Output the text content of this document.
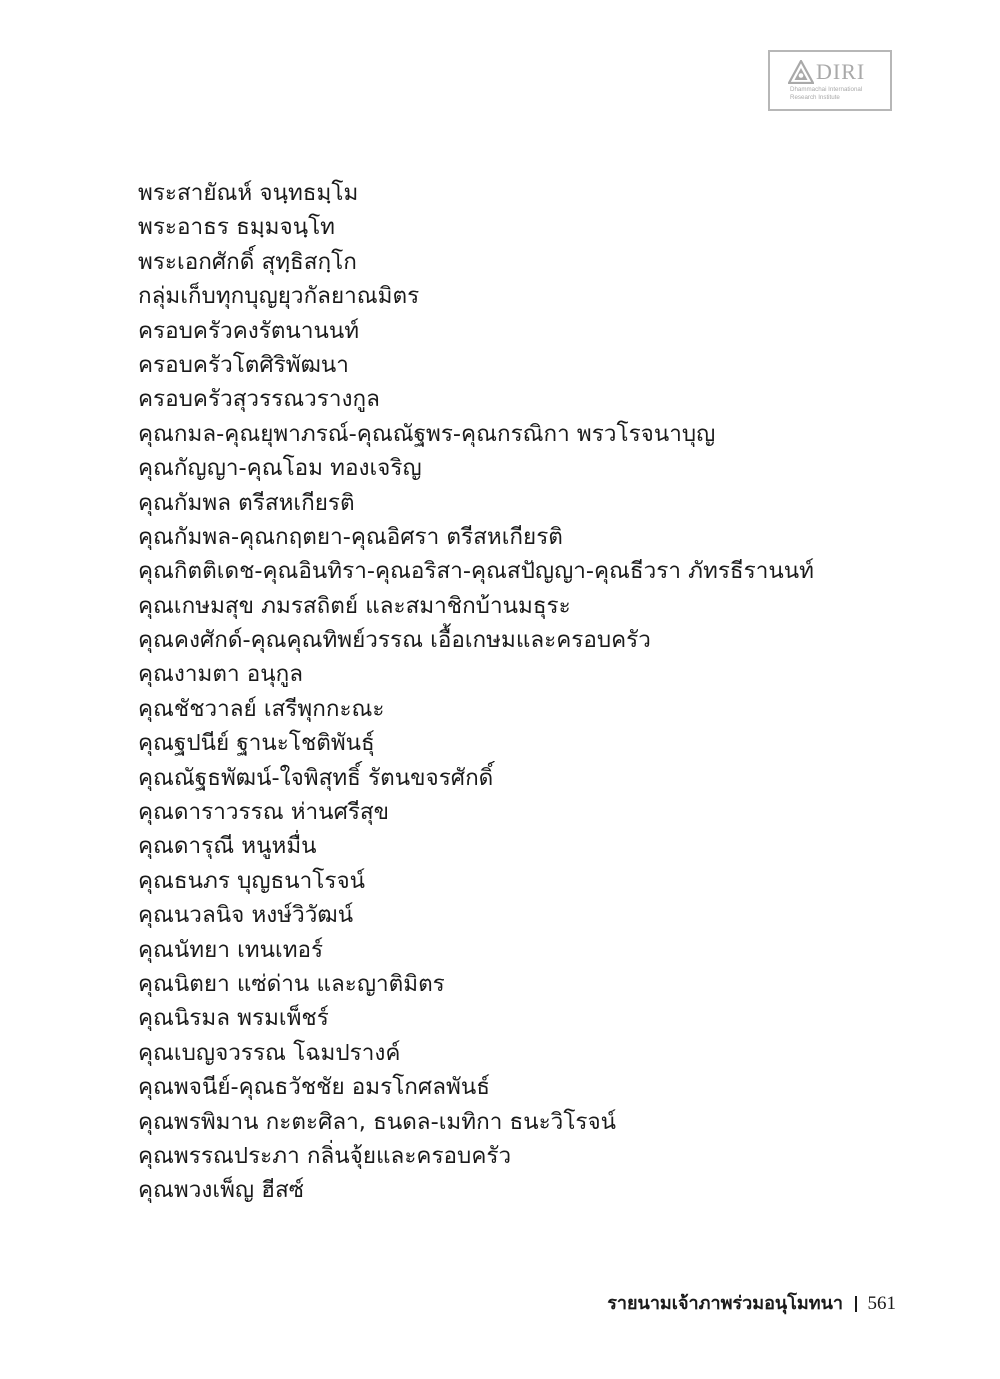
DIRI
Dhammachai International
Research Institute
พระสายัณห์ จนฺทธมฺโม
พระอาธร ธมฺมจนฺโท
พระเอกศักดิ์ สุทฺธิสกฺโก
กลุ่มเก็บทุกบุญยุวกัลยาณมิตร
ครอบครัวคงรัตนานนท์
ครอบครัวโตศิริพัฒนา
ครอบครัวสุวรรณวรางกูล
คุณกมล-คุณยุพาภรณ์-คุณณัฐพร-คุณกรณิกา พรวโรจนาบุญ
คุณกัญญา-คุณโอม ทองเจริญ
คุณกัมพล ตรีสหเกียรติ
คุณกัมพล-คุณกฤตยา-คุณอิศรา ตรีสหเกียรติ
คุณกิตติเดช-คุณอินทิรา-คุณอริสา-คุณสปัญญา-คุณธีวรา ภัทรธีรานนท์
คุณเกษมสุข ภมรสถิตย์ และสมาชิกบ้านมธุระ
คุณคงศักด์-คุณคุณทิพย์วรรณ เอื้อเกษมและครอบครัว
คุณงามตา อนุกูล
คุณชัชวาลย์ เสรีพุกกะณะ
คุณฐปนีย์ ฐานะโชติพันธุ์
คุณณัฐธพัฒน์-ใจพิสุทธิ์ รัตนขจรศักดิ์
คุณดาราวรรณ ห่านศรีสุข
คุณดารุณี หนูหมื่น
คุณธนภร บุญธนาโรจน์
คุณนวลนิจ หงษ์วิวัฒน์
คุณนัทยา เทนเทอร์
คุณนิตยา แซ่ด่าน และญาติมิตร
คุณนิรมล พรมเพ็ชร์
คุณเบญจวรรณ โฉมปรางค์
คุณพจนีย์-คุณธวัชชัย อมรโกศลพันธ์
คุณพรพิมาน กะตะศิลา, ธนดล-เมทิกา ธนะวิโรจน์
คุณพรรณประภา กลิ่นจุ้ยและครอบครัว
คุณพวงเพ็ญ ฮีสซ์
รายนามเจ้าภาพร่วมอนุโมทนา 561
